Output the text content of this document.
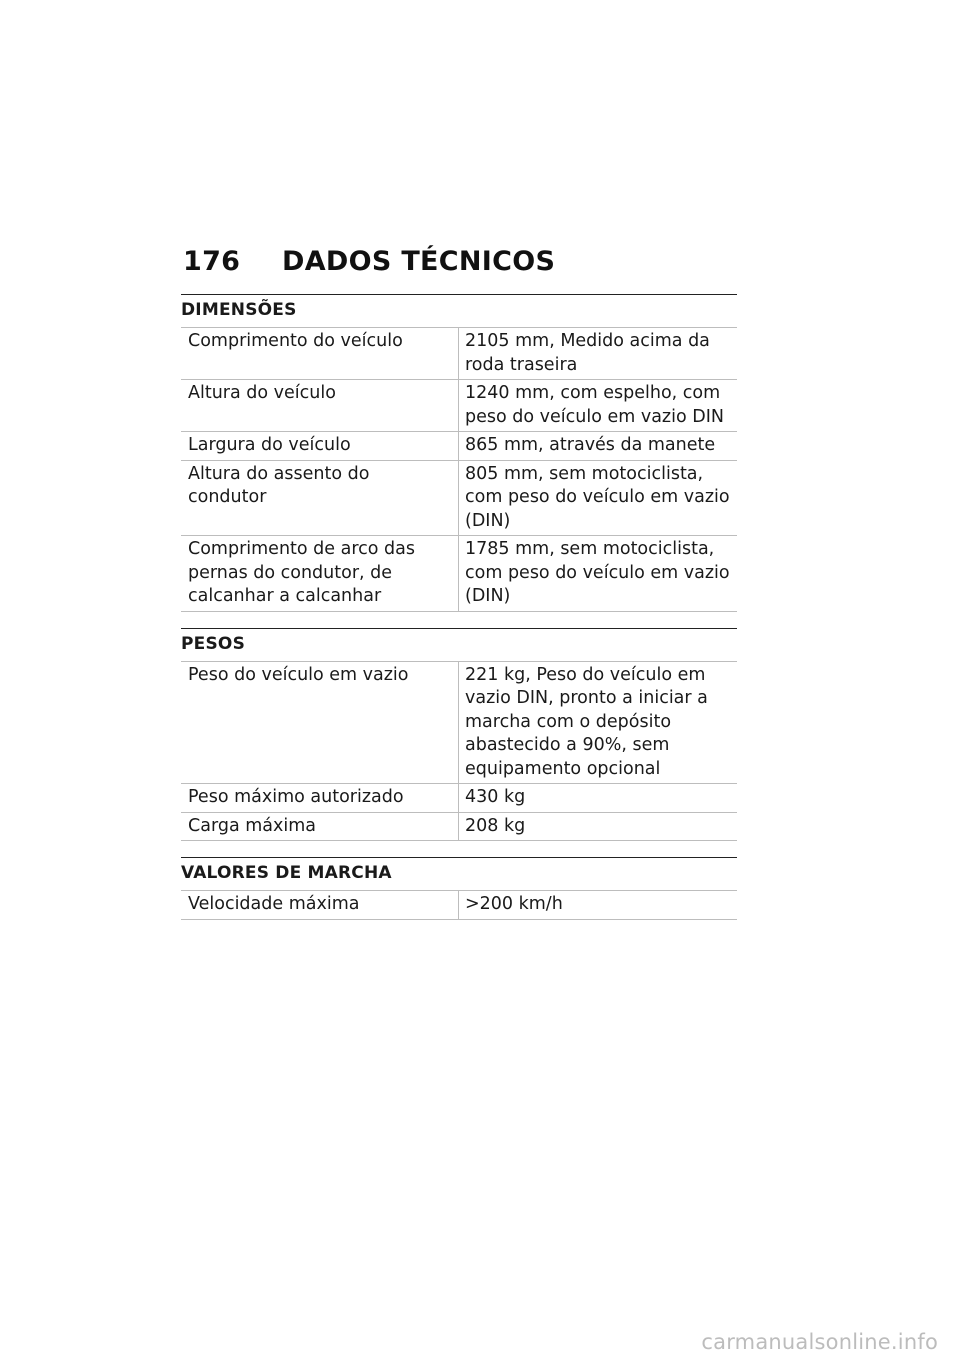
176	DADOS TÉCNICOS
DIMENSÕES
Comprimento do veículo	2105 mm, Medido acima da roda traseira
Altura do veículo	1240 mm, com espelho, com peso do veículo em vazio DIN
Largura do veículo	865 mm, através da manete
Altura do assento do condutor	805 mm, sem motociclista, com peso do veículo em vazio (DIN)
Comprimento de arco das pernas do condutor, de calcanhar a calcanhar	1785 mm, sem motociclista, com peso do veículo em vazio (DIN)
PESOS
Peso do veículo em vazio	221 kg, Peso do veículo em vazio DIN, pronto a iniciar a marcha com o depósito abastecido a 90%, sem equipamento opcional
Peso máximo autorizado	430 kg
Carga máxima	208 kg
VALORES DE MARCHA
Velocidade máxima	>200 km/h
carmanualsonline.info
